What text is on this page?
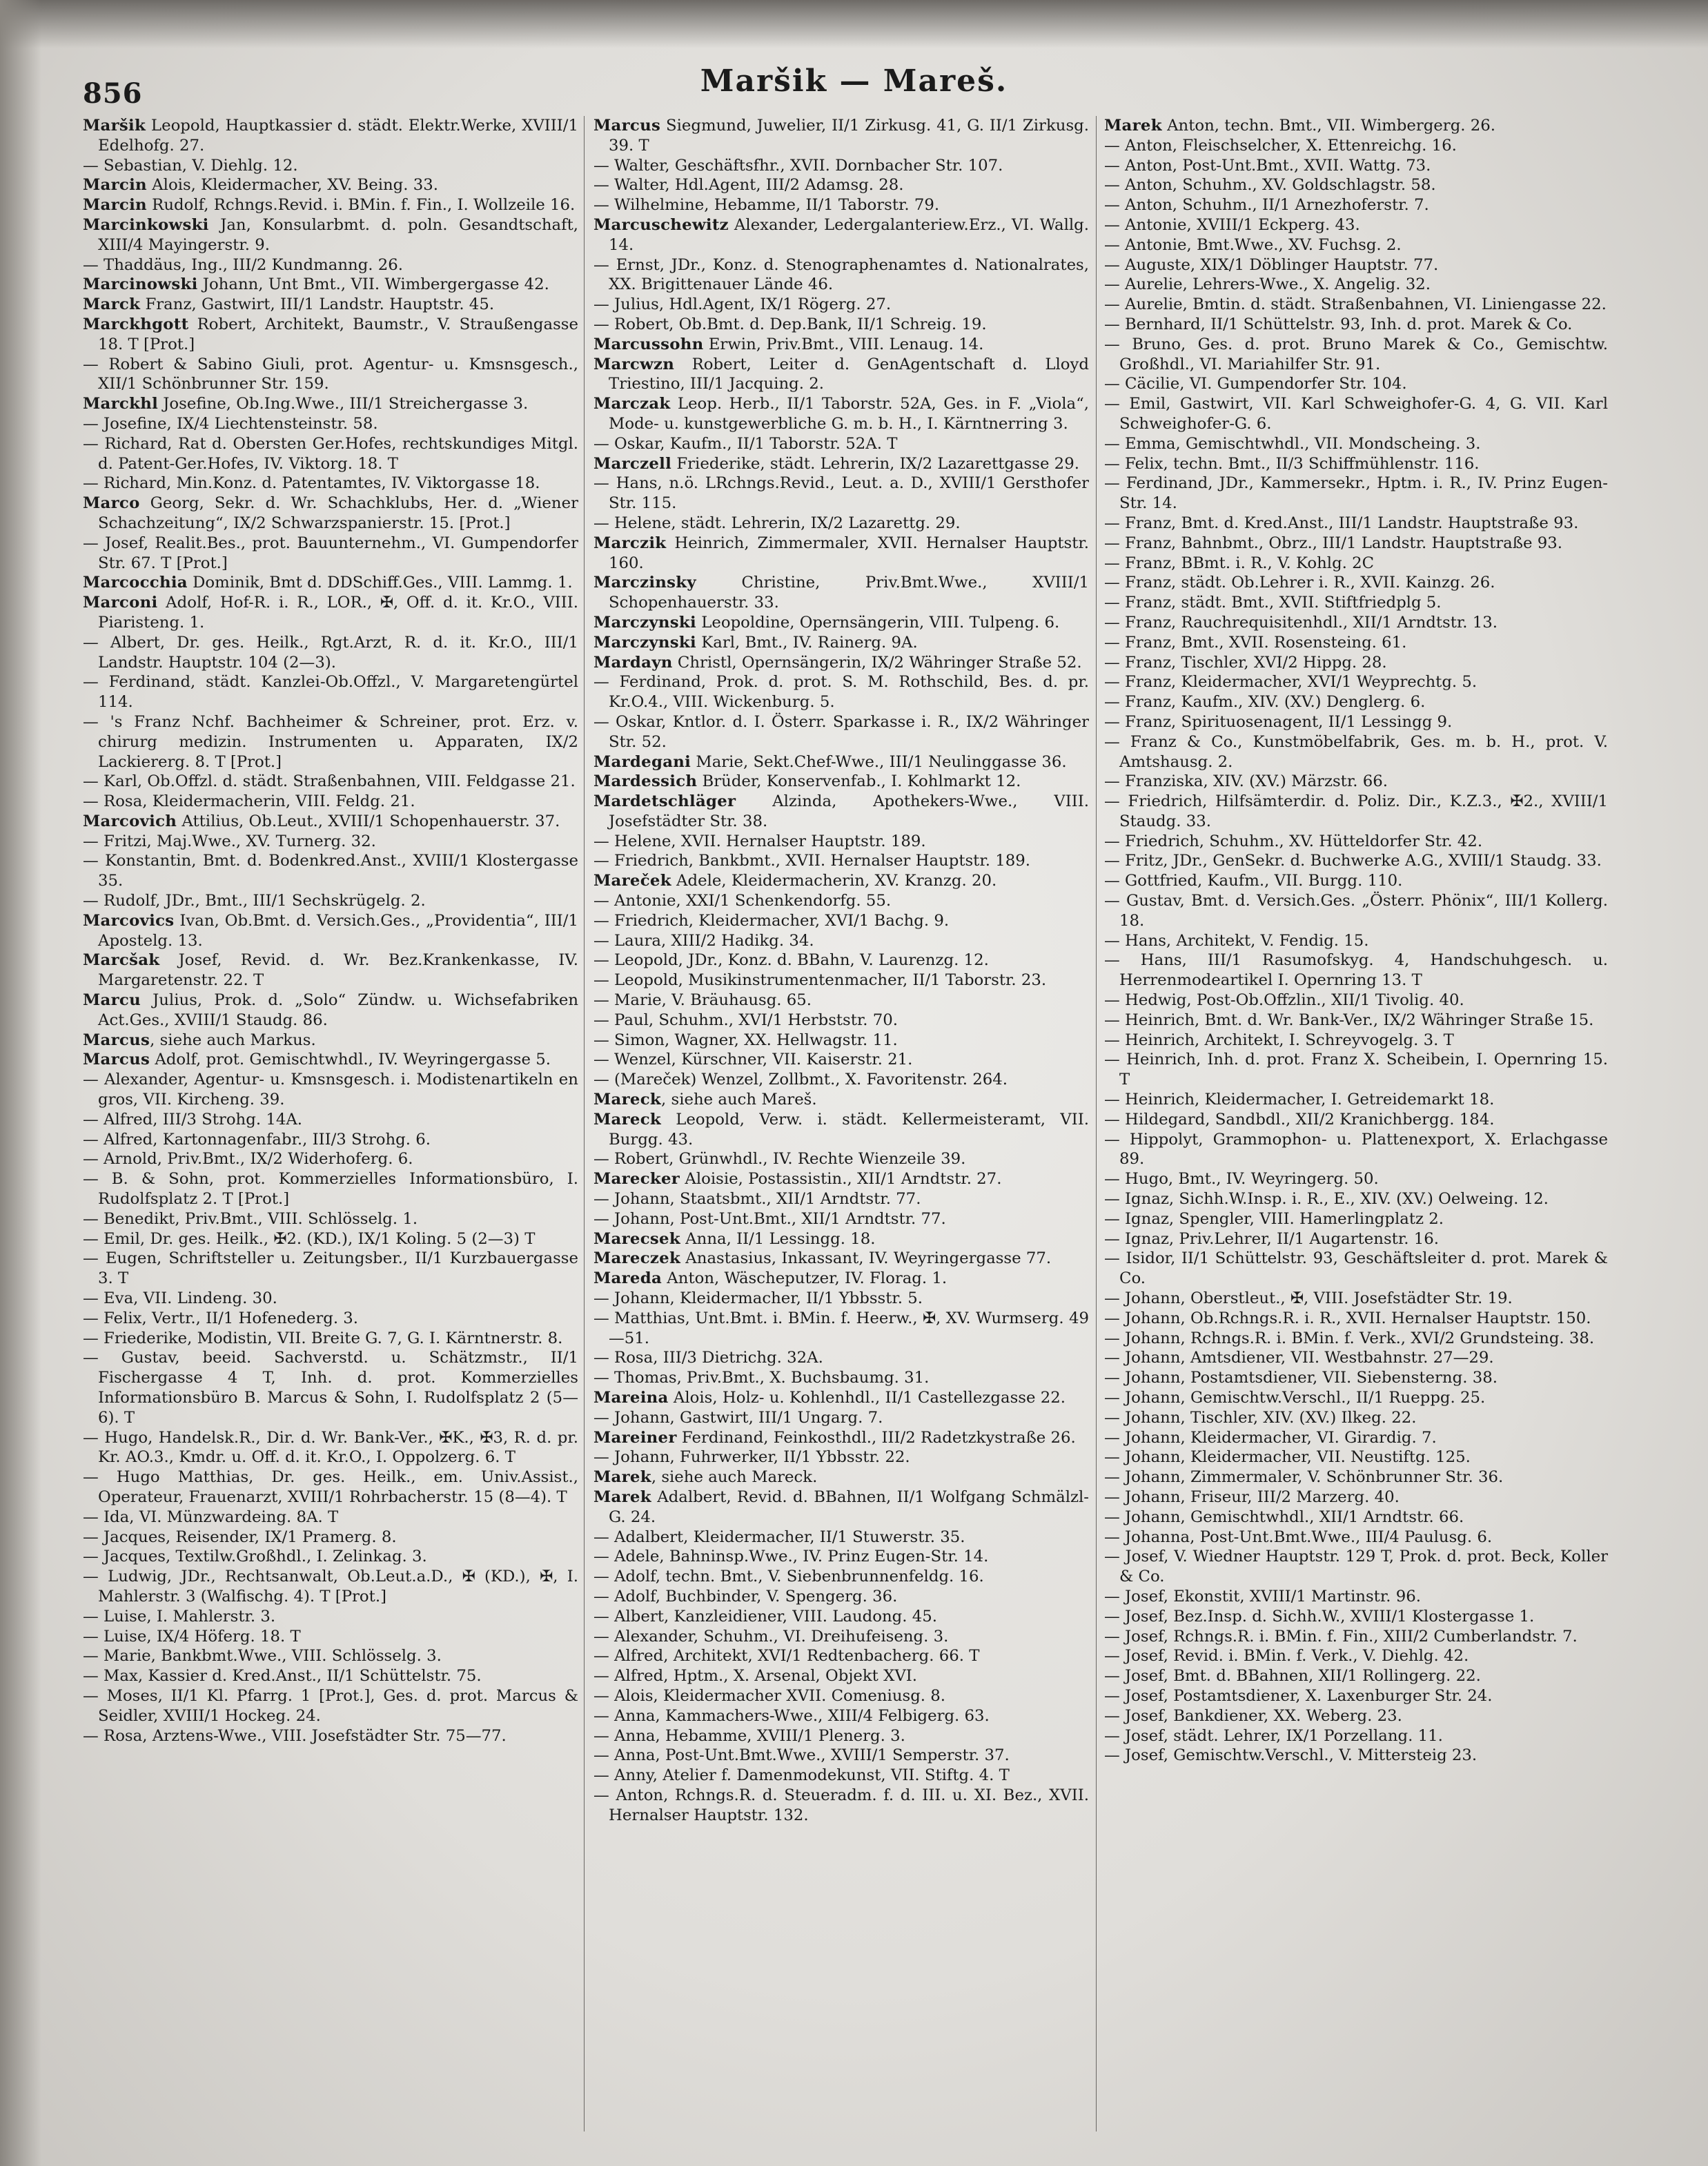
856	Maršik — Mareš.

Maršik Leopold, Hauptkassier d. städt. Elektr.Werke, XVIII/1 Edelhofg. 27.

— Sebastian, V. Diehlg. 12.

Marcin Alois, Kleidermacher, XV. Being. 33.

Marcin Rudolf, Rchngs.Revid. i. BMin. f. Fin., I. Wollzeile 16.

Marcinkowski Jan, Konsularbmt. d. poln. Gesandtschaft, XIII/4 Mayingerstr. 9.

— Thaddäus, Ing., III/2 Kundmanng. 26.

Marcinowski Johann, Unt Bmt., VII. Wimbergergasse 42.

Marck Franz, Gastwirt, III/1 Landstr. Hauptstr. 45.

Marckhgott Robert, Architekt, Baumstr., V. Straußengasse 18. T [Prot.]

— Robert & Sabino Giuli, prot. Agentur- u. Kmsnsgesch., XII/1 Schönbrunner Str. 159.

Marckhl Josefine, Ob.Ing.Wwe., III/1 Streichergasse 3.

— Josefine, IX/4 Liechtensteinstr. 58.

— Richard, Rat d. Obersten Ger.Hofes, rechtskundiges Mitgl. d. Patent-Ger.Hofes, IV. Viktorg. 18. T

— Richard, Min.Konz. d. Patentamtes, IV. Viktorgasse 18.

Marco Georg, Sekr. d. Wr. Schachklubs, Her. d. „Wiener Schachzeitung“, IX/2 Schwarzspanierstr. 15. [Prot.]

— Josef, Realit.Bes., prot. Bauunternehm., VI. Gumpendorfer Str. 67. T [Prot.]

Marcocchia Dominik, Bmt d. DDSchiff.Ges., VIII. Lammg. 1.

Marconi Adolf, Hof-R. i. R., LOR., ✠, Off. d. it. Kr.O., VIII. Piaristeng. 1.

— Albert, Dr. ges. Heilk., Rgt.Arzt, R. d. it. Kr.O., III/1 Landstr. Hauptstr. 104 (2—3).

— Ferdinand, städt. Kanzlei-Ob.Offzl., V. Margaretengürtel 114.

— 's Franz Nchf. Bachheimer & Schreiner, prot. Erz. v. chirurg medizin. Instrumenten u. Apparaten, IX/2 Lackiererg. 8. T [Prot.]

— Karl, Ob.Offzl. d. städt. Straßenbahnen, VIII. Feldgasse 21.

— Rosa, Kleidermacherin, VIII. Feldg. 21.

Marcovich Attilius, Ob.Leut., XVIII/1 Schopenhauerstr. 37.

— Fritzi, Maj.Wwe., XV. Turnerg. 32.

— Konstantin, Bmt. d. Bodenkred.Anst., XVIII/1 Klostergasse 35.

— Rudolf, JDr., Bmt., III/1 Sechskrügelg. 2.

Marcovics Ivan, Ob.Bmt. d. Versich.Ges., „Providentia“, III/1 Apostelg. 13.

Marcšak Josef, Revid. d. Wr. Bez.Krankenkasse, IV. Margaretenstr. 22. T

Marcu Julius, Prok. d. „Solo“ Zündw. u. Wichsefabriken Act.Ges., XVIII/1 Staudg. 86.

Marcus, siehe auch Markus.

Marcus Adolf, prot. Gemischtwhdl., IV. Weyringergasse 5.

— Alexander, Agentur- u. Kmsnsgesch. i. Modistenartikeln en gros, VII. Kircheng. 39.

— Alfred, III/3 Strohg. 14A.

— Alfred, Kartonnagenfabr., III/3 Strohg. 6.

— Arnold, Priv.Bmt., IX/2 Widerhoferg. 6.

— B. & Sohn, prot. Kommerzielles Informationsbüro, I. Rudolfsplatz 2. T [Prot.]

— Benedikt, Priv.Bmt., VIII. Schlösselg. 1.

— Emil, Dr. ges. Heilk., ✠2. (KD.), IX/1 Koling. 5 (2—3) T

— Eugen, Schriftsteller u. Zeitungsber., II/1 Kurzbauergasse 3. T

— Eva, VII. Lindeng. 30.

— Felix, Vertr., II/1 Hofenederg. 3.

— Friederike, Modistin, VII. Breite G. 7, G. I. Kärntnerstr. 8.

— Gustav, beeid. Sachverstd. u. Schätzmstr., II/1 Fischergasse 4 T, Inh. d. prot. Kommerzielles Informationsbüro B. Marcus & Sohn, I. Rudolfsplatz 2 (5—6). T

— Hugo, Handelsk.R., Dir. d. Wr. Bank-Ver., ✠K., ✠3, R. d. pr. Kr. AO.3., Kmdr. u. Off. d. it. Kr.O., I. Oppolzerg. 6. T

— Hugo Matthias, Dr. ges. Heilk., em. Univ.Assist., Operateur, Frauenarzt, XVIII/1 Rohrbacherstr. 15 (8—4). T

— Ida, VI. Münzwardeing. 8A. T

— Jacques, Reisender, IX/1 Pramerg. 8.

— Jacques, Textilw.Großhdl., I. Zelinkag. 3.

— Ludwig, JDr., Rechtsanwalt, Ob.Leut.a.D., ✠ (KD.), ✠, I. Mahlerstr. 3 (Walfischg. 4). T [Prot.]

— Luise, I. Mahlerstr. 3.

— Luise, IX/4 Höferg. 18. T

— Marie, Bankbmt.Wwe., VIII. Schlösselg. 3.

— Max, Kassier d. Kred.Anst., II/1 Schüttelstr. 75.

— Moses, II/1 Kl. Pfarrg. 1 [Prot.], Ges. d. prot. Marcus & Seidler, XVIII/1 Hockeg. 24.

— Rosa, Arztens-Wwe., VIII. Josefstädter Str. 75—77.

Marcus Siegmund, Juwelier, II/1 Zirkusg. 41, G. II/1 Zirkusg. 39. T

— Walter, Geschäftsfhr., XVII. Dornbacher Str. 107.

— Walter, Hdl.Agent, III/2 Adamsg. 28.

— Wilhelmine, Hebamme, II/1 Taborstr. 79.

Marcuschewitz Alexander, Ledergalanteriew.Erz., VI. Wallg. 14.

— Ernst, JDr., Konz. d. Stenographenamtes d. Nationalrates, XX. Brigittenauer Lände 46.

— Julius, Hdl.Agent, IX/1 Rögerg. 27.

— Robert, Ob.Bmt. d. Dep.Bank, II/1 Schreig. 19.

Marcussohn Erwin, Priv.Bmt., VIII. Lenaug. 14.

Marcwzn Robert, Leiter d. GenAgentschaft d. Lloyd Triestino, III/1 Jacquing. 2.

Marczak Leop. Herb., II/1 Taborstr. 52A, Ges. in F. „Viola“, Mode- u. kunstgewerbliche G. m. b. H., I. Kärntnerring 3.

— Oskar, Kaufm., II/1 Taborstr. 52A. T

Marczell Friederike, städt. Lehrerin, IX/2 Lazarettgasse 29.

— Hans, n.ö. LRchngs.Revid., Leut. a. D., XVIII/1 Gersthofer Str. 115.

— Helene, städt. Lehrerin, IX/2 Lazarettg. 29.

Marczik Heinrich, Zimmermaler, XVII. Hernalser Hauptstr. 160.

Marczinsky Christine, Priv.Bmt.Wwe., XVIII/1 Schopenhauerstr. 33.

Marczynski Leopoldine, Opernsängerin, VIII. Tulpeng. 6.

Marczynski Karl, Bmt., IV. Rainerg. 9A.

Mardayn Christl, Opernsängerin, IX/2 Währinger Straße 52.

— Ferdinand, Prok. d. prot. S. M. Rothschild, Bes. d. pr. Kr.O.4., VIII. Wickenburg. 5.

— Oskar, Kntlor. d. I. Österr. Sparkasse i. R., IX/2 Währinger Str. 52.

Mardegani Marie, Sekt.Chef-Wwe., III/1 Neulinggasse 36.

Mardessich Brüder, Konservenfab., I. Kohlmarkt 12.

Mardetschläger Alzinda, Apothekers-Wwe., VIII. Josefstädter Str. 38.

— Helene, XVII. Hernalser Hauptstr. 189.

— Friedrich, Bankbmt., XVII. Hernalser Hauptstr. 189.

Mareček Adele, Kleidermacherin, XV. Kranzg. 20.

— Antonie, XXI/1 Schenkendorfg. 55.

— Friedrich, Kleidermacher, XVI/1 Bachg. 9.

— Laura, XIII/2 Hadikg. 34.

— Leopold, JDr., Konz. d. BBahn, V. Laurenzg. 12.

— Leopold, Musikinstrumentenmacher, II/1 Taborstr. 23.

— Marie, V. Bräuhausg. 65.

— Paul, Schuhm., XVI/1 Herbststr. 70.

— Simon, Wagner, XX. Hellwagstr. 11.

— Wenzel, Kürschner, VII. Kaiserstr. 21.

— (Mareček) Wenzel, Zollbmt., X. Favoritenstr. 264.

Mareck, siehe auch Mareš.

Mareck Leopold, Verw. i. städt. Kellermeisteramt, VII. Burgg. 43.

— Robert, Grünwhdl., IV. Rechte Wienzeile 39.

Marecker Aloisie, Postassistin., XII/1 Arndtstr. 27.

— Johann, Staatsbmt., XII/1 Arndtstr. 77.

— Johann, Post-Unt.Bmt., XII/1 Arndtstr. 77.

Marecsek Anna, II/1 Lessingg. 18.

Mareczek Anastasius, Inkassant, IV. Weyringergasse 77.

Mareda Anton, Wäscheputzer, IV. Florag. 1.

— Johann, Kleidermacher, II/1 Ybbsstr. 5.

— Matthias, Unt.Bmt. i. BMin. f. Heerw., ✠, XV. Wurmserg. 49—51.

— Rosa, III/3 Dietrichg. 32A.

— Thomas, Priv.Bmt., X. Buchsbaumg. 31.

Mareina Alois, Holz- u. Kohlenhdl., II/1 Castellezgasse 22.

— Johann, Gastwirt, III/1 Ungarg. 7.

Mareiner Ferdinand, Feinkosthdl., III/2 Radetzkystraße 26.

— Johann, Fuhrwerker, II/1 Ybbsstr. 22.

Marek, siehe auch Mareck.

Marek Adalbert, Revid. d. BBahnen, II/1 Wolfgang Schmälzl-G. 24.

— Adalbert, Kleidermacher, II/1 Stuwerstr. 35.

— Adele, Bahninsp.Wwe., IV. Prinz Eugen-Str. 14.

— Adolf, techn. Bmt., V. Siebenbrunnenfeldg. 16.

— Adolf, Buchbinder, V. Spengerg. 36.

— Albert, Kanzleidiener, VIII. Laudong. 45.

— Alexander, Schuhm., VI. Dreihufeiseng. 3.

— Alfred, Architekt, XVI/1 Redtenbacherg. 66. T

— Alfred, Hptm., X. Arsenal, Objekt XVI.

— Alois, Kleidermacher XVII. Comeniusg. 8.

— Anna, Kammachers-Wwe., XIII/4 Felbigerg. 63.

— Anna, Hebamme, XVIII/1 Plenerg. 3.

— Anna, Post-Unt.Bmt.Wwe., XVIII/1 Semperstr. 37.

— Anny, Atelier f. Damenmodekunst, VII. Stiftg. 4. T

— Anton, Rchngs.R. d. Steueradm. f. d. III. u. XI. Bez., XVII. Hernalser Hauptstr. 132.

Marek Anton, techn. Bmt., VII. Wimbergerg. 26.

— Anton, Fleischselcher, X. Ettenreichg. 16.

— Anton, Post-Unt.Bmt., XVII. Wattg. 73.

— Anton, Schuhm., XV. Goldschlagstr. 58.

— Anton, Schuhm., II/1 Arnezhoferstr. 7.

— Antonie, XVIII/1 Eckperg. 43.

— Antonie, Bmt.Wwe., XV. Fuchsg. 2.

— Auguste, XIX/1 Döblinger Hauptstr. 77.

— Aurelie, Lehrers-Wwe., X. Angelig. 32.

— Aurelie, Bmtin. d. städt. Straßenbahnen, VI. Liniengasse 22.

— Bernhard, II/1 Schüttelstr. 93, Inh. d. prot. Marek & Co.

— Bruno, Ges. d. prot. Bruno Marek & Co., Gemischtw. Großhdl., VI. Mariahilfer Str. 91.

— Cäcilie, VI. Gumpendorfer Str. 104.

— Emil, Gastwirt, VII. Karl Schweighofer-G. 4, G. VII. Karl Schweighofer-G. 6.

— Emma, Gemischtwhdl., VII. Mondscheing. 3.

— Felix, techn. Bmt., II/3 Schiffmühlenstr. 116.

— Ferdinand, JDr., Kammersekr., Hptm. i. R., IV. Prinz Eugen-Str. 14.

— Franz, Bmt. d. Kred.Anst., III/1 Landstr. Hauptstraße 93.

— Franz, Bahnbmt., Obrz., III/1 Landstr. Hauptstraße 93.

— Franz, BBmt. i. R., V. Kohlg. 2C

— Franz, städt. Ob.Lehrer i. R., XVII. Kainzg. 26.

— Franz, städt. Bmt., XVII. Stiftfriedplg 5.

— Franz, Rauchrequisitenhdl., XII/1 Arndtstr. 13.

— Franz, Bmt., XVII. Rosensteing. 61.

— Franz, Tischler, XVI/2 Hippg. 28.

— Franz, Kleidermacher, XVI/1 Weyprechtg. 5.

— Franz, Kaufm., XIV. (XV.) Denglerg. 6.

— Franz, Spirituosenagent, II/1 Lessingg 9.

— Franz & Co., Kunstmöbelfabrik, Ges. m. b. H., prot. V. Amtshausg. 2.

— Franziska, XIV. (XV.) Märzstr. 66.

— Friedrich, Hilfsämterdir. d. Poliz. Dir., K.Z.3., ✠2., XVIII/1 Staudg. 33.

— Friedrich, Schuhm., XV. Hütteldorfer Str. 42.

— Fritz, JDr., GenSekr. d. Buchwerke A.G., XVIII/1 Staudg. 33.

— Gottfried, Kaufm., VII. Burgg. 110.

— Gustav, Bmt. d. Versich.Ges. „Österr. Phönix“, III/1 Kollerg. 18.

— Hans, Architekt, V. Fendig. 15.

— Hans, III/1 Rasumofskyg. 4, Handschuhgesch. u. Herrenmodeartikel I. Opernring 13. T

— Hedwig, Post-Ob.Offzlin., XII/1 Tivolig. 40.

— Heinrich, Bmt. d. Wr. Bank-Ver., IX/2 Währinger Straße 15.

— Heinrich, Architekt, I. Schreyvogelg. 3. T

— Heinrich, Inh. d. prot. Franz X. Scheibein, I. Opernring 15. T

— Heinrich, Kleidermacher, I. Getreidemarkt 18.

— Hildegard, Sandbdl., XII/2 Kranichbergg. 184.

— Hippolyt, Grammophon- u. Plattenexport, X. Erlachgasse 89.

— Hugo, Bmt., IV. Weyringerg. 50.

— Ignaz, Sichh.W.Insp. i. R., E., XIV. (XV.) Oelweing. 12.

— Ignaz, Spengler, VIII. Hamerlingplatz 2.

— Ignaz, Priv.Lehrer, II/1 Augartenstr. 16.

— Isidor, II/1 Schüttelstr. 93, Geschäftsleiter d. prot. Marek & Co.

— Johann, Oberstleut., ✠, VIII. Josefstädter Str. 19.

— Johann, Ob.Rchngs.R. i. R., XVII. Hernalser Hauptstr. 150.

— Johann, Rchngs.R. i. BMin. f. Verk., XVI/2 Grundsteing. 38.

— Johann, Amtsdiener, VII. Westbahnstr. 27—29.

— Johann, Postamtsdiener, VII. Siebensterng. 38.

— Johann, Gemischtw.Verschl., II/1 Rueppg. 25.

— Johann, Tischler, XIV. (XV.) Ilkeg. 22.

— Johann, Kleidermacher, VI. Girardig. 7.

— Johann, Kleidermacher, VII. Neustiftg. 125.

— Johann, Zimmermaler, V. Schönbrunner Str. 36.

— Johann, Friseur, III/2 Marzerg. 40.

— Johann, Gemischtwhdl., XII/1 Arndtstr. 66.

— Johanna, Post-Unt.Bmt.Wwe., III/4 Paulusg. 6.

— Josef, V. Wiedner Hauptstr. 129 T, Prok. d. prot. Beck, Koller & Co.

— Josef, Ekonstit, XVIII/1 Martinstr. 96.

— Josef, Bez.Insp. d. Sichh.W., XVIII/1 Klostergasse 1.

— Josef, Rchngs.R. i. BMin. f. Fin., XIII/2 Cumberlandstr. 7.

— Josef, Revid. i. BMin. f. Verk., V. Diehlg. 42.

— Josef, Bmt. d. BBahnen, XII/1 Rollingerg. 22.

— Josef, Postamtsdiener, X. Laxenburger Str. 24.

— Josef, Bankdiener, XX. Weberg. 23.

— Josef, städt. Lehrer, IX/1 Porzellang. 11.

— Josef, Gemischtw.Verschl., V. Mittersteig 23.
